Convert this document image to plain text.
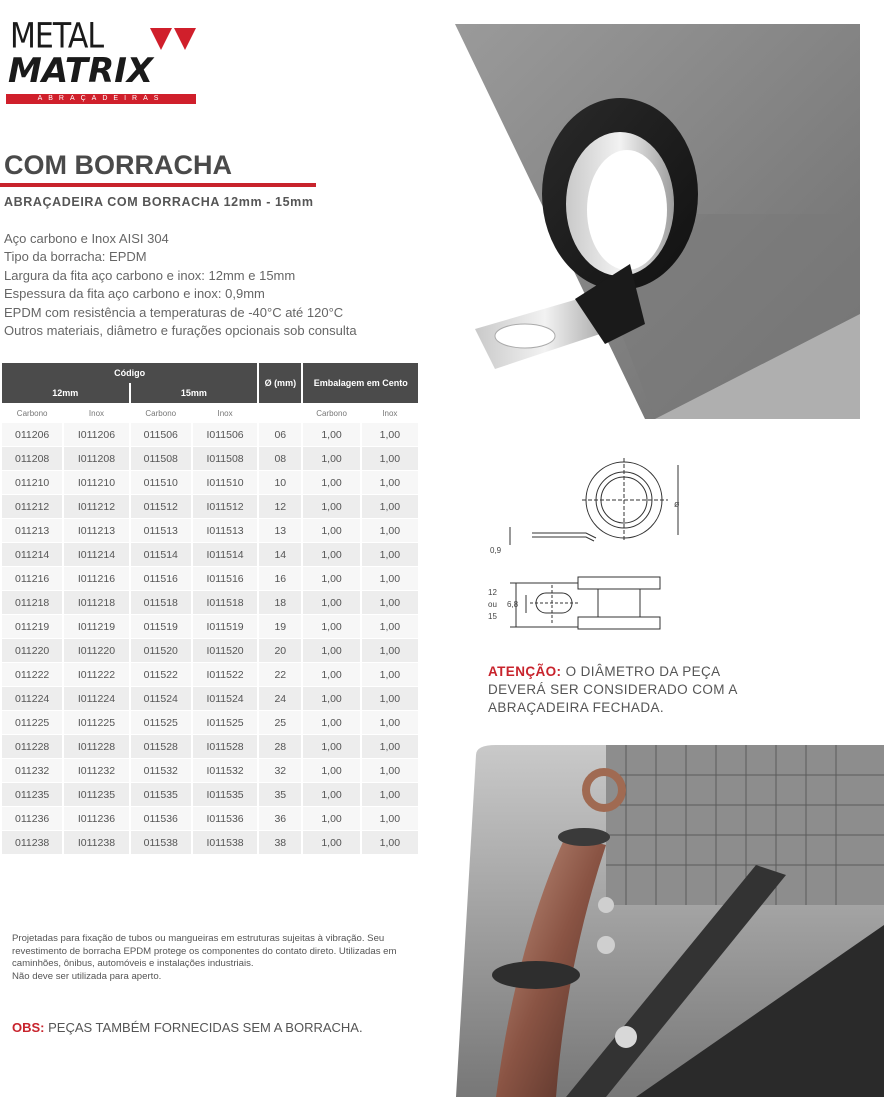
METAL
MATRIX
ABRAÇADEIRAS
COM BORRACHA
ABRAÇADEIRA COM BORRACHA 12mm - 15mm
Aço carbono e Inox AISI 304
Tipo da borracha: EPDM
Largura da fita aço carbono e inox: 12mm e 15mm
Espessura da fita aço carbono e inox: 0,9mm
EPDM com resistência a temperaturas de -40°C até 120°C
Outros materiais, diâmetro e furações opcionais sob consulta
Código				Ø (mm)	Embalagem em Cento	
12mm		15mm				
Carbono	Inox	Carbono	Inox		Carbono	Inox
011206	I011206	011506	I011506	06	1,00	1,00
011208	I011208	011508	I011508	08	1,00	1,00
011210	I011210	011510	I011510	10	1,00	1,00
011212	I011212	011512	I011512	12	1,00	1,00
011213	I011213	011513	I011513	13	1,00	1,00
011214	I011214	011514	I011514	14	1,00	1,00
011216	I011216	011516	I011516	16	1,00	1,00
011218	I011218	011518	I011518	18	1,00	1,00
011219	I011219	011519	I011519	19	1,00	1,00
011220	I011220	011520	I011520	20	1,00	1,00
011222	I011222	011522	I011522	22	1,00	1,00
011224	I011224	011524	I011524	24	1,00	1,00
011225	I011225	011525	I011525	25	1,00	1,00
011228	I011228	011528	I011528	28	1,00	1,00
011232	I011232	011532	I011532	32	1,00	1,00
011235	I011235	011535	I011535	35	1,00	1,00
011236	I011236	011536	I011536	36	1,00	1,00
011238	I011238	011538	I011538	38	1,00	1,00
0,9
ø
12
ou
15
6,8
ATENÇÃO: O DIÂMETRO DA PEÇA DEVERÁ SER CONSIDERADO COM A ABRAÇADEIRA FECHADA.
Projetadas para fixação de tubos ou mangueiras em estruturas sujeitas à vibração. Seu revestimento de borracha EPDM protege os componentes do contato direto. Utilizadas em caminhões, ônibus, automóveis e instalações industriais.
Não deve ser utilizada para aperto.
OBS: PEÇAS TAMBÉM FORNECIDAS SEM A BORRACHA.
